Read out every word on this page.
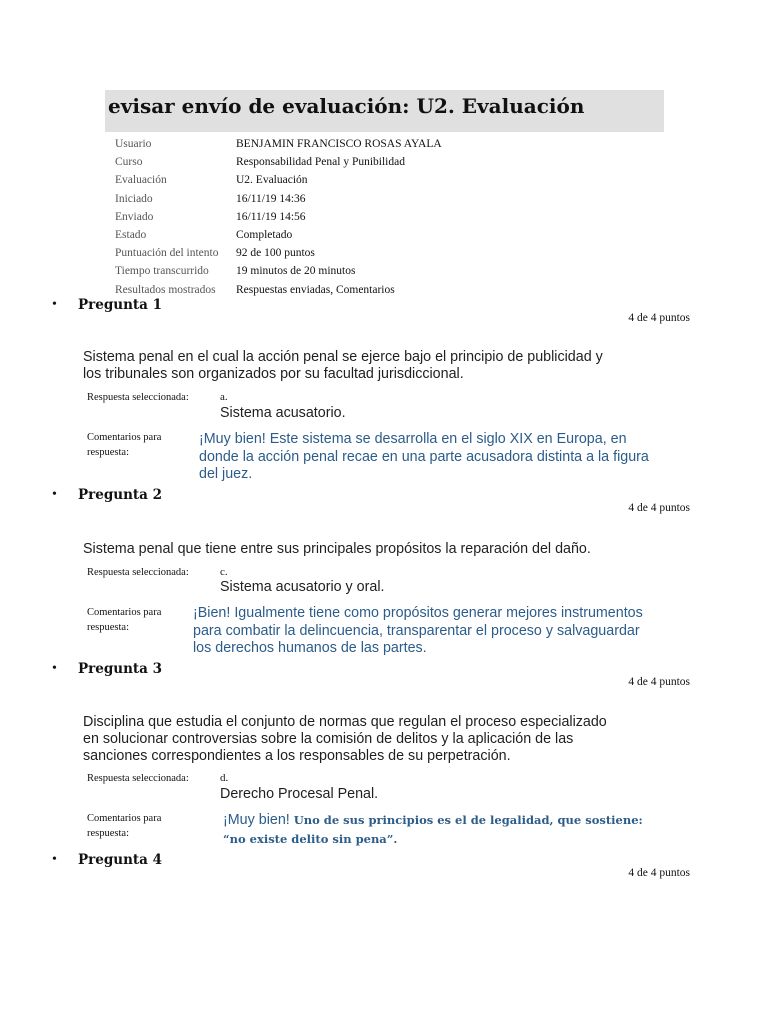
evisar envío de evaluación: U2. Evaluación
Usuario	BENJAMIN FRANCISCO ROSAS AYALA
Curso	Responsabilidad Penal y Punibilidad
Evaluación	U2. Evaluación
Iniciado	16/11/19 14:36
Enviado	16/11/19 14:56
Estado	Completado
Puntuación del intento	92 de 100 puntos
Tiempo transcurrido	19 minutos de 20 minutos
Resultados mostrados	Respuestas enviadas, Comentarios
•	Pregunta 1
4 de 4 puntos
Sistema penal en el cual la acción penal se ejerce bajo el principio de publicidad y los tribunales son organizados por su facultad jurisdiccional.
Respuesta seleccionada:	a.
Sistema acusatorio.
Comentarios para
respuesta:
¡Muy bien! Este sistema se desarrolla en el siglo XIX en Europa, en donde la acción penal recae en una parte acusadora distinta a la figura del juez.
•	Pregunta 2
4 de 4 puntos
Sistema penal que tiene entre sus principales propósitos la reparación del daño.
Respuesta seleccionada:	c.
Sistema acusatorio y oral.
Comentarios para
respuesta:
¡Bien! Igualmente tiene como propósitos generar mejores instrumentos para combatir la delincuencia, transparentar el proceso y salvaguardar los derechos humanos de las partes.
•	Pregunta 3
4 de 4 puntos
Disciplina que estudia el conjunto de normas que regulan el proceso especializado en solucionar controversias sobre la comisión de delitos y la aplicación de las sanciones correspondientes a los responsables de su perpetración.
Respuesta seleccionada:	d.
Derecho Procesal Penal.
Comentarios para
respuesta:
¡Muy bien! Uno de sus principios es el de legalidad, que sostiene: “no existe delito sin pena”.
•	Pregunta 4
4 de 4 puntos
